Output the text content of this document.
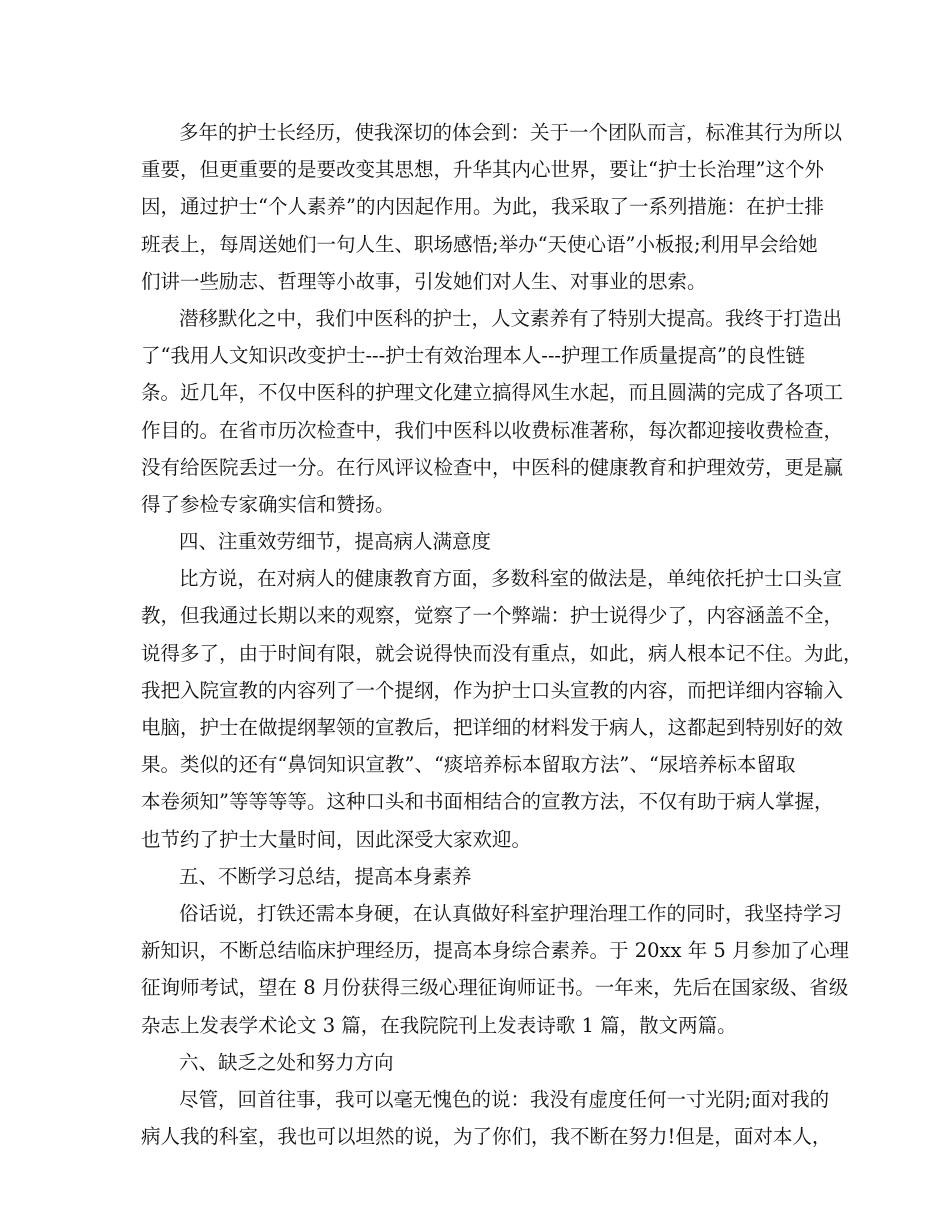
多年的护士长经历，使我深切的体会到：关于一个团队而言，标准其行为所以
重要，但更重要的是要改变其思想，升华其内心世界，要让“护士长治理”这个外
因，通过护士“个人素养”的内因起作用。为此，我采取了一系列措施：在护士排
班表上，每周送她们一句人生、职场感悟;举办“天使心语”小板报;利用早会给她
们讲一些励志、哲理等小故事，引发她们对人生、对事业的思索。
潜移默化之中，我们中医科的护士，人文素养有了特别大提高。我终于打造出
了“我用人文知识改变护士---护士有效治理本人---护理工作质量提高”的良性链
条。近几年，不仅中医科的护理文化建立搞得风生水起，而且圆满的完成了各项工
作目的。在省市历次检查中，我们中医科以收费标准著称，每次都迎接收费检查，
没有给医院丢过一分。在行风评议检查中，中医科的健康教育和护理效劳，更是赢
得了参检专家确实信和赞扬。
四、注重效劳细节，提高病人满意度
比方说，在对病人的健康教育方面，多数科室的做法是，单纯依托护士口头宣
教，但我通过长期以来的观察，觉察了一个弊端：护士说得少了，内容涵盖不全，
说得多了，由于时间有限，就会说得快而没有重点，如此，病人根本记不住。为此，
我把入院宣教的内容列了一个提纲，作为护士口头宣教的内容，而把详细内容输入
电脑，护士在做提纲挈领的宣教后，把详细的材料发于病人，这都起到特别好的效
果。类似的还有“鼻饲知识宣教”、“痰培养标本留取方法”、“尿培养标本留取
本卷须知”等等等等。这种口头和书面相结合的宣教方法，不仅有助于病人掌握，
也节约了护士大量时间，因此深受大家欢迎。
五、不断学习总结，提高本身素养
俗话说，打铁还需本身硬，在认真做好科室护理治理工作的同时，我坚持学习
新知识，不断总结临床护理经历，提高本身综合素养。于 20xx 年 5 月参加了心理
征询师考试，望在 8 月份获得三级心理征询师证书。一年来，先后在国家级、省级
杂志上发表学术论文 3 篇，在我院院刊上发表诗歌 1 篇，散文两篇。
六、缺乏之处和努力方向
尽管，回首往事，我可以毫无愧色的说：我没有虚度任何一寸光阴;面对我的
病人我的科室，我也可以坦然的说，为了你们，我不断在努力!但是，面对本人，
